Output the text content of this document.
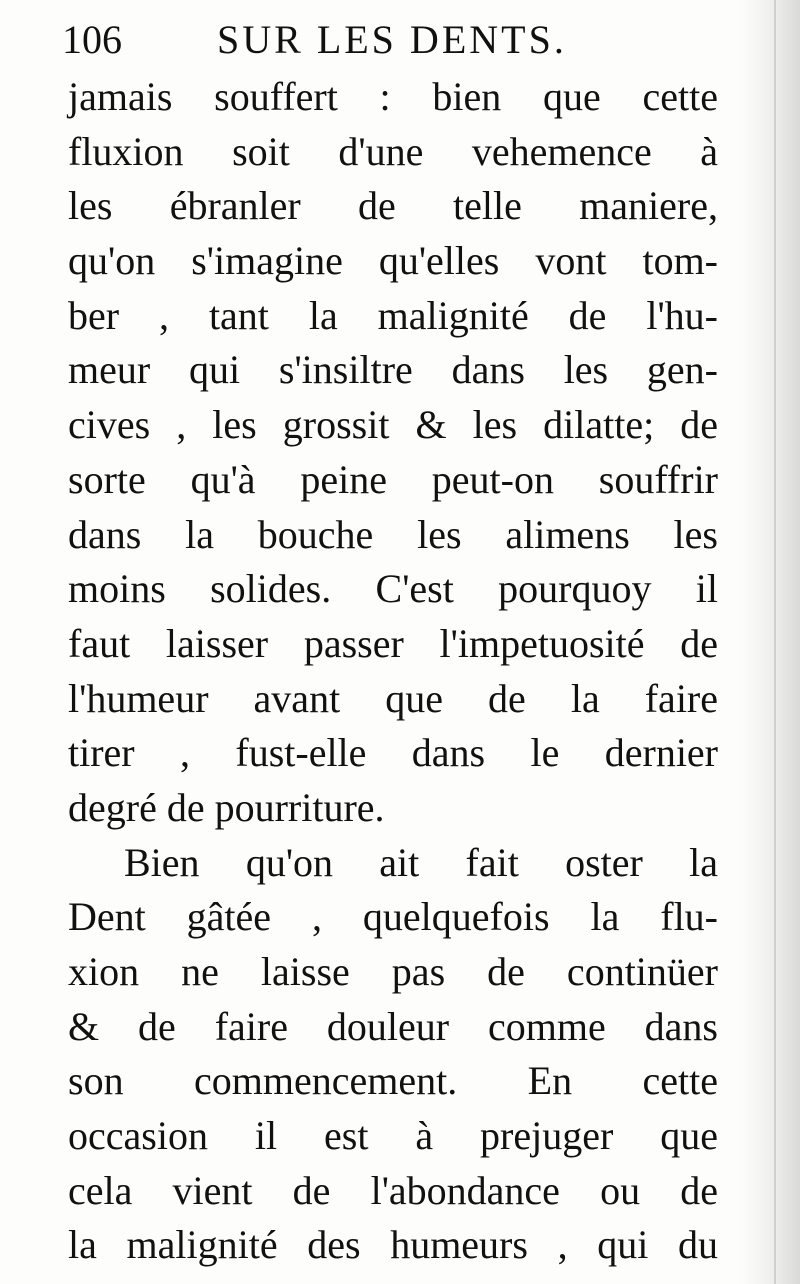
106 SUR LES DENTS.
jamais souffert : bien que cette
fluxion soit d'une vehemence à
les ébranler de telle maniere,
qu'on s'imagine qu'elles vont tom-
ber , tant la malignité de l'hu-
meur qui s'insiltre dans les gen-
cives , les grossit & les dilatte; de
sorte qu'à peine peut-on souffrir
dans la bouche les alimens les
moins solides. C'est pourquoy il
faut laisser passer l'impetuosité de
l'humeur avant que de la faire
tirer , fust-elle dans le dernier
degré de pourriture.
Bien qu'on ait fait oster la
Dent gâtée , quelquefois la flu-
xion ne laisse pas de continüer
& de faire douleur comme dans
son commencement. En cette
occasion il est à prejuger que
cela vient de l'abondance ou de
la malignité des humeurs , qui du
